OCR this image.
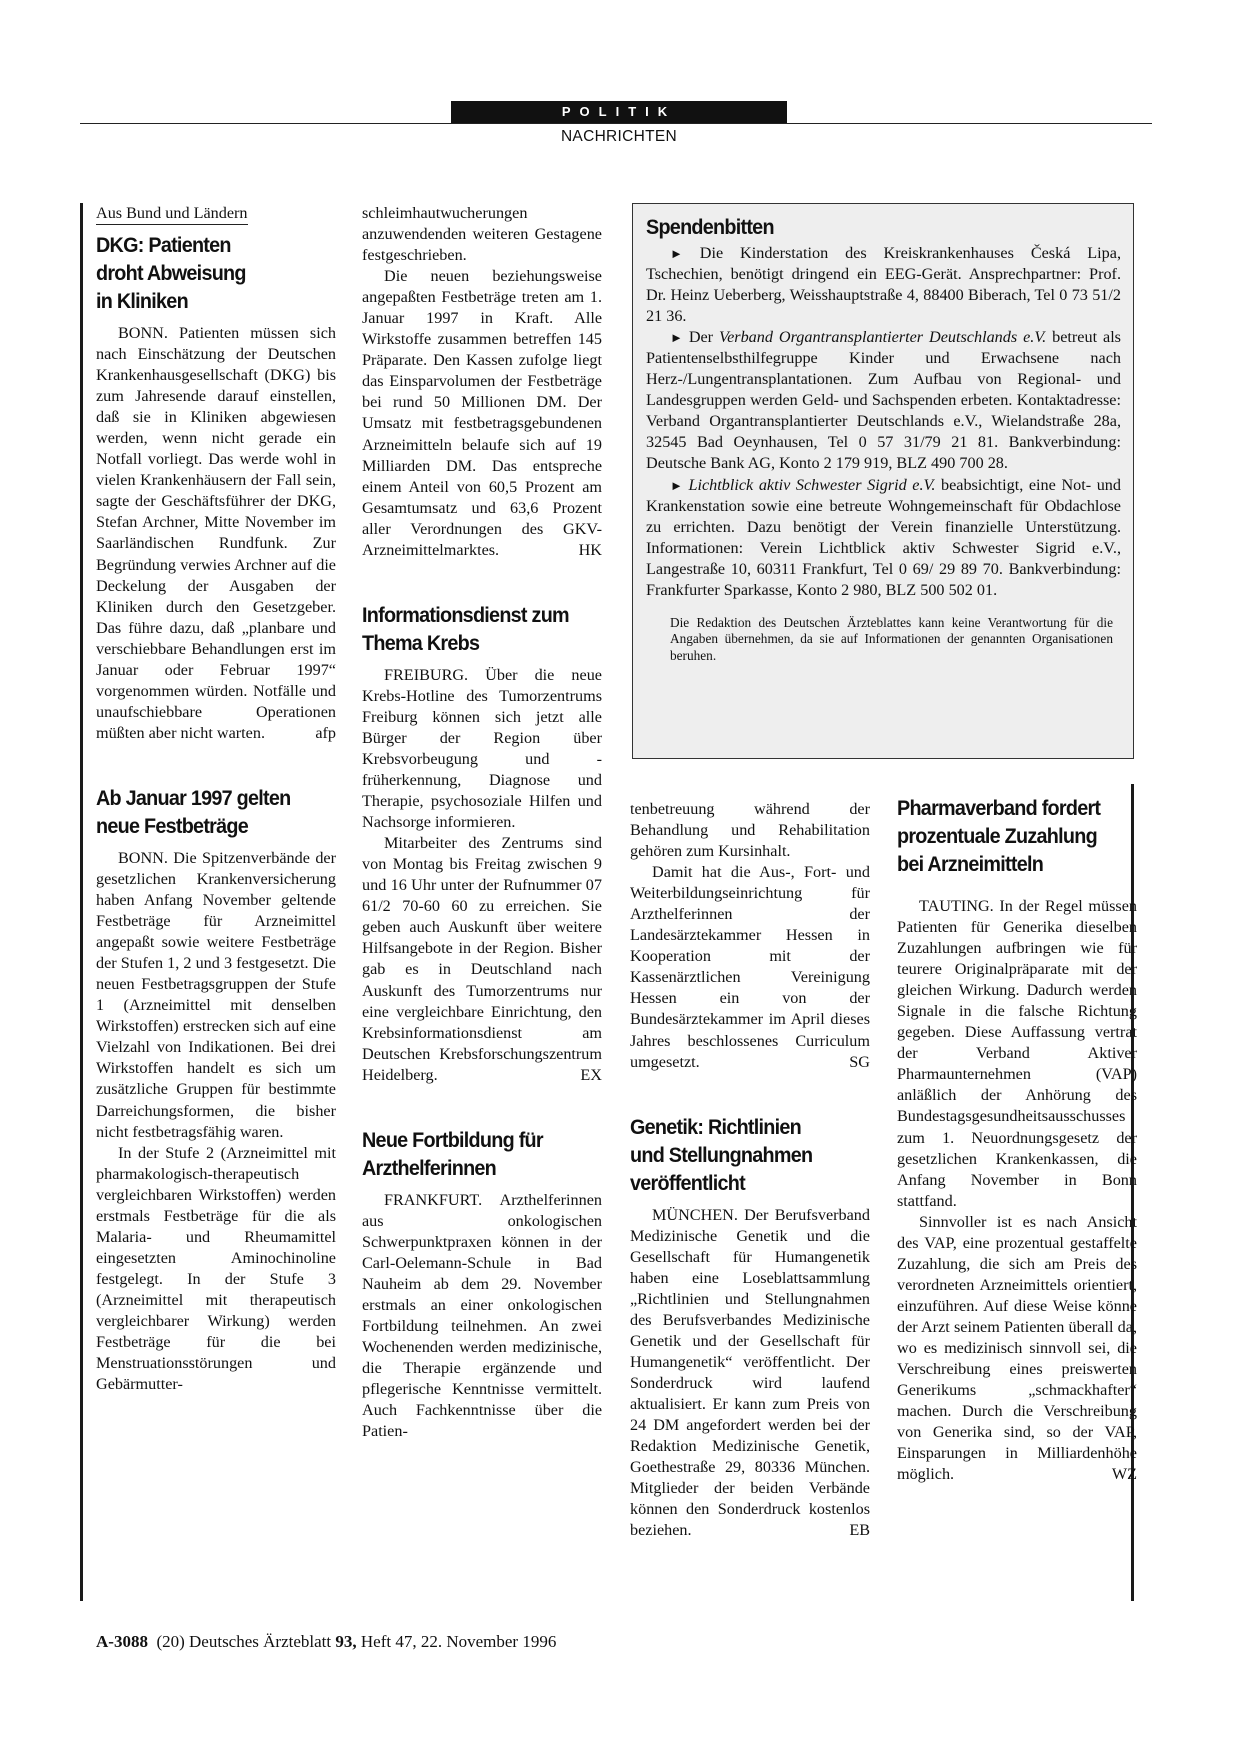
POLITIK
NACHRICHTEN
Aus Bund und Ländern
DKG: Patienten
droht Abweisung
in Kliniken

BONN. Patienten müssen sich nach Einschätzung der Deutschen Krankenhausgesellschaft (DKG) bis zum Jahresende darauf einstellen, daß sie in Kliniken abgewiesen werden, wenn nicht gerade ein Notfall vorliegt. Das werde wohl in vielen Krankenhäusern der Fall sein, sagte der Geschäftsführer der DKG, Stefan Archner, Mitte November im Saarländischen Rundfunk. Zur Begründung verwies Archner auf die Deckelung der Ausgaben der Kliniken durch den Gesetzgeber. Das führe dazu, daß „planbare und verschiebbare Behandlungen erst im Januar oder Februar 1997“ vorgenommen würden. Notfälle und unaufschiebbare Operationen müßten aber nicht warten.	afp

Ab Januar 1997 gelten
neue Festbeträge

BONN. Die Spitzenverbände der gesetzlichen Krankenversicherung haben Anfang November geltende Festbeträge für Arzneimittel angepaßt sowie weitere Festbeträge der Stufen 1, 2 und 3 festgesetzt. Die neuen Festbetragsgruppen der Stufe 1 (Arzneimittel mit denselben Wirkstoffen) erstrecken sich auf eine Vielzahl von Indikationen. Bei drei Wirkstoffen handelt es sich um zusätzliche Gruppen für bestimmte Darreichungsformen, die bisher nicht festbetragsfähig waren.

In der Stufe 2 (Arzneimittel mit pharmakologisch-therapeutisch vergleichbaren Wirkstoffen) werden erstmals Festbeträge für die als Malaria- und Rheumamittel eingesetzten Aminochinoline festgelegt. In der Stufe 3 (Arzneimittel mit therapeutisch vergleichbarer Wirkung) werden Festbeträge für die bei Menstruationsstörungen und Gebärmutter-

schleimhautwucherungen anzuwendenden weiteren Gestagene festgeschrieben.

Die neuen beziehungsweise angepaßten Festbeträge treten am 1. Januar 1997 in Kraft. Alle Wirkstoffe zusammen betreffen 145 Präparate. Den Kassen zufolge liegt das Einsparvolumen der Festbeträge bei rund 50 Millionen DM. Der Umsatz mit festbetragsgebundenen Arzneimitteln belaufe sich auf 19 Milliarden DM. Das entspreche einem Anteil von 60,5 Prozent am Gesamtumsatz und 63,6 Prozent aller Verordnungen des GKV-Arzneimittelmarktes.	HK

Informationsdienst zum
Thema Krebs

FREIBURG. Über die neue Krebs-Hotline des Tumorzentrums Freiburg können sich jetzt alle Bürger der Region über Krebsvorbeugung und -früherkennung, Diagnose und Therapie, psychosoziale Hilfen und Nachsorge informieren.

Mitarbeiter des Zentrums sind von Montag bis Freitag zwischen 9 und 16 Uhr unter der Rufnummer 07 61/2 70-60 60 zu erreichen. Sie geben auch Auskunft über weitere Hilfsangebote in der Region. Bisher gab es in Deutschland nach Auskunft des Tumorzentrums nur eine vergleichbare Einrichtung, den Krebsinformationsdienst am Deutschen Krebsforschungszentrum Heidelberg.	EX

Neue Fortbildung für
Arzthelferinnen

FRANKFURT. Arzthelferinnen aus onkologischen Schwerpunktpraxen können in der Carl-Oelemann-Schule in Bad Nauheim ab dem 29. November erstmals an einer onkologischen Fortbildung teilnehmen. An zwei Wochenenden werden medizinische, die Therapie ergänzende und pflegerische Kenntnisse vermittelt. Auch Fachkenntnisse über die Patien-

Spendenbitten

► Die Kinderstation des Kreiskrankenhauses Česká Lipa, Tschechien, benötigt dringend ein EEG-Gerät. Ansprechpartner: Prof. Dr. Heinz Ueberberg, Weisshauptstraße 4, 88400 Biberach, Tel 0 73 51/2 21 36.

► Der Verband Organtransplantierter Deutschlands e.V. betreut als Patientenselbsthilfegruppe Kinder und Erwachsene nach Herz-/Lungentransplantationen. Zum Aufbau von Regional- und Landesgruppen werden Geld- und Sachspenden erbeten. Kontaktadresse: Verband Organtransplantierter Deutschlands e.V., Wielandstraße 28a, 32545 Bad Oeynhausen, Tel 0 57 31/79 21 81. Bankverbindung: Deutsche Bank AG, Konto 2 179 919, BLZ 490 700 28.

► Lichtblick aktiv Schwester Sigrid e.V. beabsichtigt, eine Not- und Krankenstation sowie eine betreute Wohngemeinschaft für Obdachlose zu errichten. Dazu benötigt der Verein finanzielle Unterstützung. Informationen: Verein Lichtblick aktiv Schwester Sigrid e.V., Langestraße 10, 60311 Frankfurt, Tel 0 69/ 29 89 70. Bankverbindung: Frankfurter Sparkasse, Konto 2 980, BLZ 500 502 01.

Die Redaktion des Deutschen Ärzteblattes kann keine Verantwortung für die Angaben übernehmen, da sie auf Informationen der genannten Organisationen beruhen.

tenbetreuung während der Behandlung und Rehabilitation gehören zum Kursinhalt.

Damit hat die Aus-, Fort- und Weiterbildungseinrichtung für Arzthelferinnen der Landesärztekammer Hessen in Kooperation mit der Kassenärztlichen Vereinigung Hessen ein von der Bundesärztekammer im April dieses Jahres beschlossenes Curriculum umgesetzt.	SG

Genetik: Richtlinien
und Stellungnahmen
veröffentlicht

MÜNCHEN. Der Berufsverband Medizinische Genetik und die Gesellschaft für Humangenetik haben eine Loseblattsammlung „Richtlinien und Stellungnahmen des Berufsverbandes Medizinische Genetik und der Gesellschaft für Humangenetik“ veröffentlicht. Der Sonderdruck wird laufend aktualisiert. Er kann zum Preis von 24 DM angefordert werden bei der Redaktion Medizinische Genetik, Goethestraße 29, 80336 München. Mitglieder der beiden Verbände können den Sonderdruck kostenlos beziehen.	EB

Pharmaverband fordert
prozentuale Zuzahlung
bei Arzneimitteln

TAUTING. In der Regel müssen Patienten für Generika dieselben Zuzahlungen aufbringen wie für teurere Originalpräparate mit der gleichen Wirkung. Dadurch werden Signale in die falsche Richtung gegeben. Diese Auffassung vertrat der Verband Aktiver Pharmaunternehmen (VAP) anläßlich der Anhörung des Bundestagsgesundheitsausschusses zum 1. Neuordnungsgesetz der gesetzlichen Krankenkassen, die Anfang November in Bonn stattfand.

Sinnvoller ist es nach Ansicht des VAP, eine prozentual gestaffelte Zuzahlung, die sich am Preis des verordneten Arzneimittels orientiert, einzuführen. Auf diese Weise könne der Arzt seinem Patienten überall da, wo es medizinisch sinnvoll sei, die Verschreibung eines preiswerten Generikums „schmackhafter“ machen. Durch die Verschreibung von Generika sind, so der VAP, Einsparungen in Milliardenhöhe möglich.	WZ

A-3088 (20) Deutsches Ärzteblatt 93, Heft 47, 22. November 1996
